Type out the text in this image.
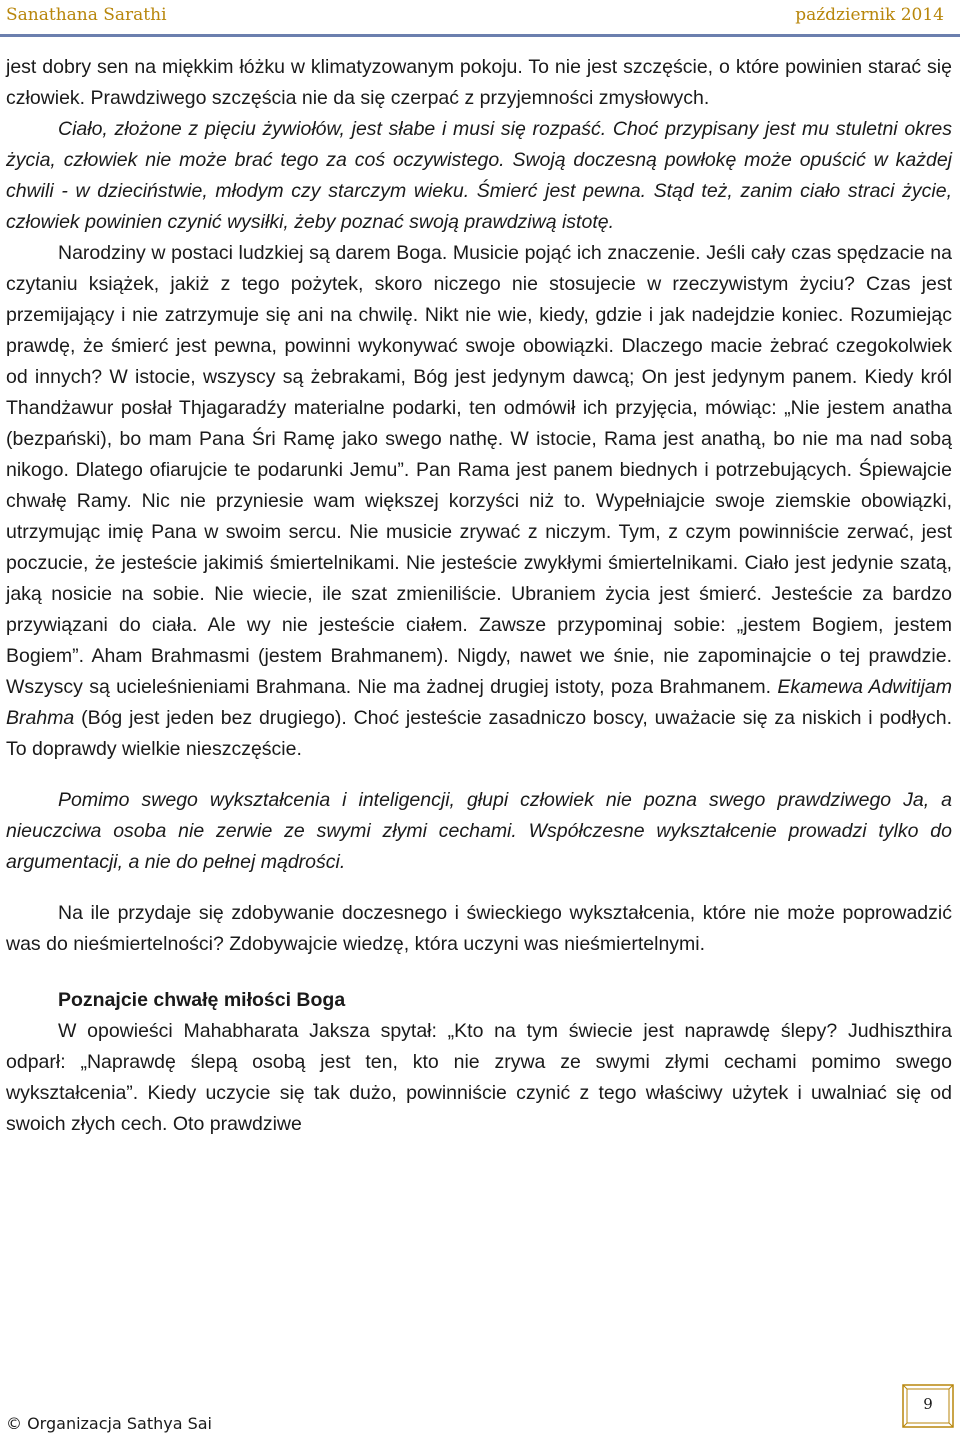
Sanathana Sarathi	październik 2014

jest dobry sen na miękkim łóżku w klimatyzowanym pokoju. To nie jest szczęście, o które powinien starać się człowiek. Prawdziwego szczęścia nie da się czerpać z przyjemności zmysłowych.

Ciało, złożone z pięciu żywiołów, jest słabe i musi się rozpaść. Choć przypisany jest mu stuletni okres życia, człowiek nie może brać tego za coś oczywistego. Swoją doczesną powłokę może opuścić w każdej chwili - w dzieciństwie, młodym czy starczym wieku. Śmierć jest pewna. Stąd też, zanim ciało straci życie, człowiek powinien czynić wysiłki, żeby poznać swoją prawdziwą istotę.

Narodziny w postaci ludzkiej są darem Boga. Musicie pojąć ich znaczenie. Jeśli cały czas spędzacie na czytaniu książek, jakiż z tego pożytek, skoro niczego nie stosujecie w rzeczywistym życiu? Czas jest przemijający i nie zatrzymuje się ani na chwilę. Nikt nie wie, kiedy, gdzie i jak nadejdzie koniec. Rozumiejąc prawdę, że śmierć jest pewna, powinni wykonywać swoje obowiązki. Dlaczego macie żebrać czegokolwiek od innych? W istocie, wszyscy są żebrakami, Bóg jest jedynym dawcą; On jest jedynym panem. Kiedy król Thandżawur posłał Thjagaradźy materialne podarki, ten odmówił ich przyjęcia, mówiąc: „Nie jestem anatha (bezpański), bo mam Pana Śri Ramę jako swego nathę. W istocie, Rama jest anathą, bo nie ma nad sobą nikogo. Dlatego ofiarujcie te podarunki Jemu”. Pan Rama jest panem biednych i potrzebujących. Śpiewajcie chwałę Ramy. Nic nie przyniesie wam większej korzyści niż to. Wypełniajcie swoje ziemskie obowiązki, utrzymując imię Pana w swoim sercu. Nie musicie zrywać z niczym. Tym, z czym powinniście zerwać, jest poczucie, że jesteście jakimiś śmiertelnikami. Nie jesteście zwykłymi śmiertelnikami. Ciało jest jedynie szatą, jaką nosicie na sobie. Nie wiecie, ile szat zmieniliście. Ubraniem życia jest śmierć. Jesteście za bardzo przywiązani do ciała. Ale wy nie jesteście ciałem. Zawsze przypominaj sobie: „jestem Bogiem, jestem Bogiem”. Aham Brahmasmi (jestem Brahmanem). Nigdy, nawet we śnie, nie zapominajcie o tej prawdzie. Wszyscy są ucieleśnieniami Brahmana. Nie ma żadnej drugiej istoty, poza Brahmanem. Ekamewa Adwitijam Brahma (Bóg jest jeden bez drugiego). Choć jesteście zasadniczo boscy, uważacie się za niskich i podłych. To doprawdy wielkie nieszczęście.

Pomimo swego wykształcenia i inteligencji, głupi człowiek nie pozna swego prawdziwego Ja, a nieuczciwa osoba nie zerwie ze swymi złymi cechami. Współczesne wykształcenie prowadzi tylko do argumentacji, a nie do pełnej mądrości.

Na ile przydaje się zdobywanie doczesnego i świeckiego wykształcenia, które nie może poprowadzić was do nieśmiertelności? Zdobywajcie wiedzę, która uczyni was nieśmiertelnymi.

Poznajcie chwałę miłości Boga

W opowieści Mahabharata Jaksza spytał: „Kto na tym świecie jest naprawdę ślepy? Judhiszthira odparł: „Naprawdę ślepą osobą jest ten, kto nie zrywa ze swymi złymi cechami pomimo swego wykształcenia”. Kiedy uczycie się tak dużo, powinniście czynić z tego właściwy użytek i uwalniać się od swoich złych cech. Oto prawdziwe

© Organizacja Sathya Sai
9
